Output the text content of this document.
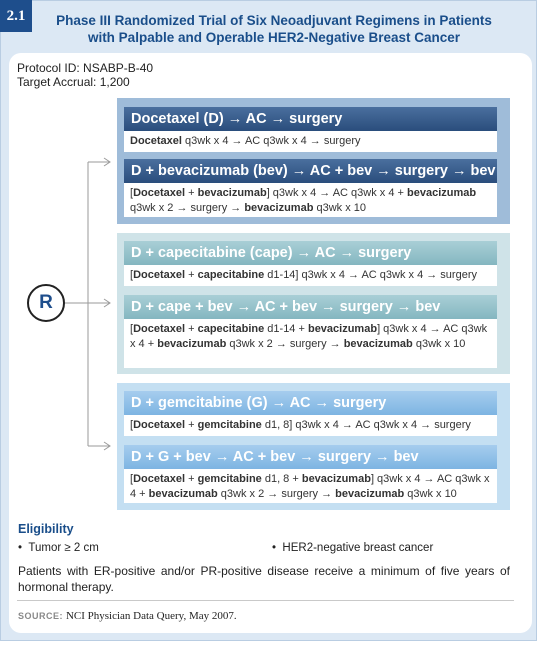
2.1	Phase III Randomized Trial of Six Neoadjuvant Regimens in Patients
with Palpable and Operable HER2-Negative Breast Cancer
Protocol ID: NSABP-B-40
Target Accrual: 1,200
R
Docetaxel (D) → AC → surgery
Docetaxel q3wk x 4 → AC q3wk x 4 → surgery
D + bevacizumab (bev) → AC + bev → surgery → bev
[Docetaxel + bevacizumab] q3wk x 4 → AC q3wk x 4 + bevacizumab q3wk x 2 → surgery → bevacizumab q3wk x 10
D + capecitabine (cape) → AC → surgery
[Docetaxel + capecitabine d1-14] q3wk x 4 → AC q3wk x 4 → surgery
D + cape + bev → AC + bev → surgery → bev
[Docetaxel + capecitabine d1-14 + bevacizumab] q3wk x 4 → AC q3wk x 4 + bevacizumab q3wk x 2 → surgery → bevacizumab q3wk x 10
D + gemcitabine (G) → AC → surgery
[Docetaxel + gemcitabine d1, 8] q3wk x 4 → AC q3wk x 4 → surgery
D + G + bev → AC + bev → surgery → bev
[Docetaxel + gemcitabine d1, 8 + bevacizumab] q3wk x 4 → AC q3wk x 4 + bevacizumab q3wk x 2 → surgery → bevacizumab q3wk x 10
Eligibility
•  Tumor ≥ 2 cm	•  HER2-negative breast cancer
Patients with ER-positive and/or PR-positive disease receive a minimum of five years of hormonal therapy.
SOURCE: NCI Physician Data Query, May 2007.
